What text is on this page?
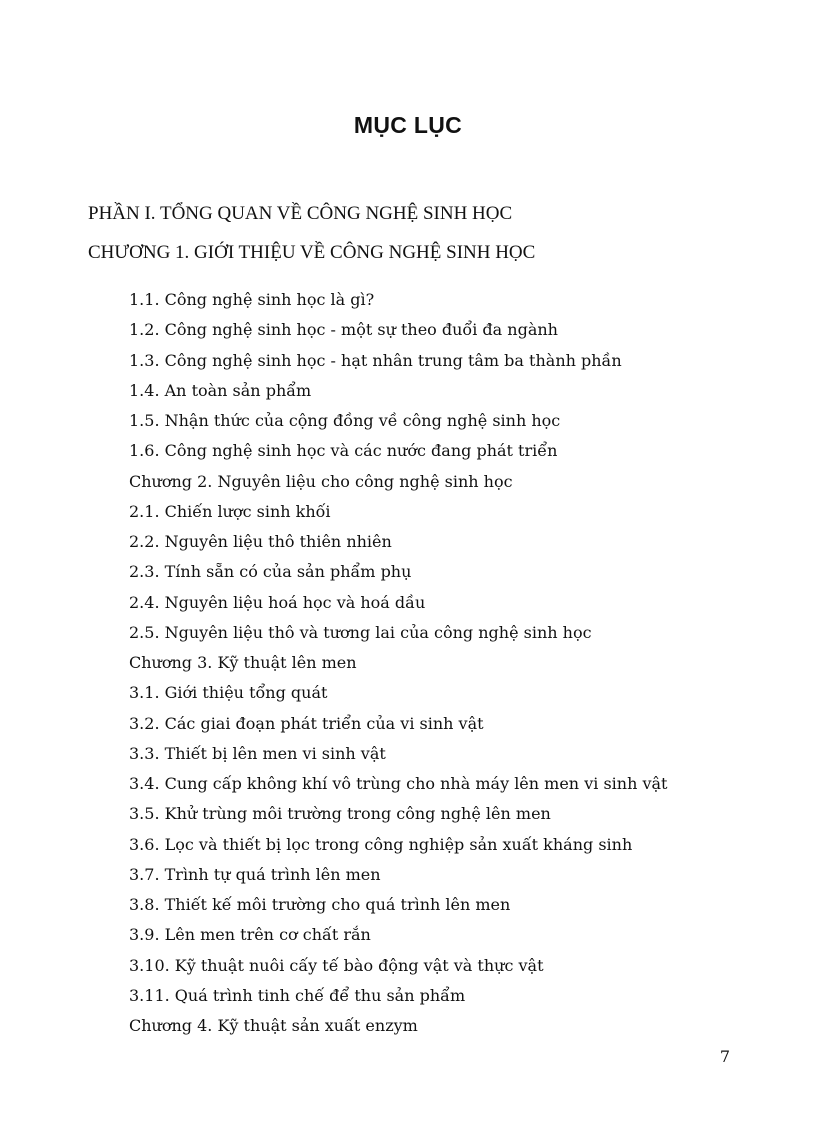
MỤC LỤC
PHẦN I. TỔNG QUAN VỀ CÔNG NGHỆ SINH HỌC
CHƯƠNG 1. GIỚI THIỆU VỀ CÔNG NGHỆ SINH HỌC
1.1. Công nghệ sinh học là gì?
1.2. Công nghệ sinh học - một sự theo đuổi đa ngành
1.3. Công nghệ sinh học - hạt nhân trung tâm ba thành phần
1.4. An toàn sản phẩm
1.5. Nhận thức của cộng đồng về công nghệ sinh học
1.6. Công nghệ sinh học và các nước đang phát triển
Chương 2. Nguyên liệu cho công nghệ sinh học
2.1. Chiến lược sinh khối
2.2. Nguyên liệu thô thiên nhiên
2.3. Tính sẵn có của sản phẩm phụ
2.4. Nguyên liệu hoá học và hoá dầu
2.5. Nguyên liệu thô và tương lai của công nghệ sinh học
Chương 3. Kỹ thuật lên men
3.1. Giới thiệu tổng quát
3.2. Các giai đoạn phát triển của vi sinh vật
3.3. Thiết bị lên men vi sinh vật
3.4. Cung cấp không khí vô trùng cho nhà máy lên men vi sinh vật
3.5. Khử trùng môi trường trong công nghệ lên men
3.6. Lọc và thiết bị lọc trong công nghiệp sản xuất kháng sinh
3.7. Trình tự quá trình lên men
3.8. Thiết kế môi trường cho quá trình lên men
3.9. Lên men trên cơ chất rắn
3.10. Kỹ thuật nuôi cấy tế bào động vật và thực vật
3.11. Quá trình tinh chế để thu sản phẩm
Chương 4. Kỹ thuật sản xuất enzym
7
